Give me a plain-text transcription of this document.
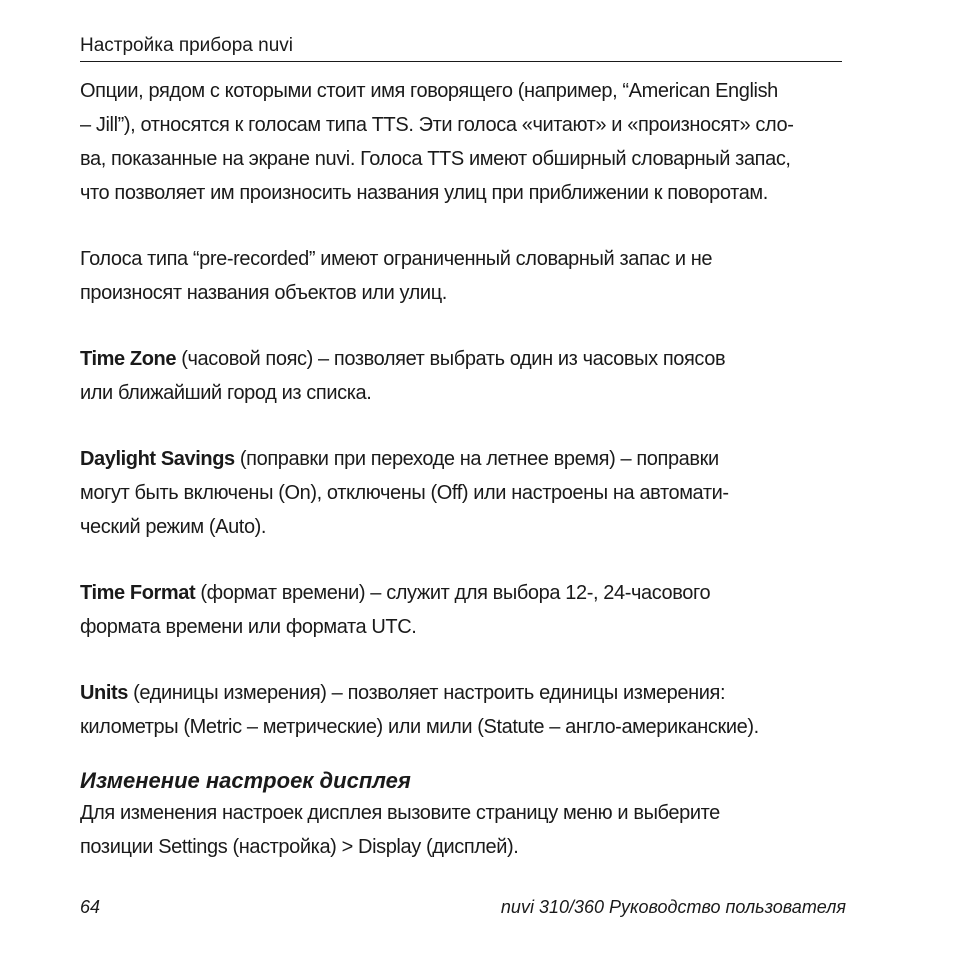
Настройка прибора nuvi
Опции, рядом с которыми стоит имя говорящего (например, “American English
– Jill”), относятся к голосам типа TTS. Эти голоса «читают» и «произносят» сло-
ва, показанные на экране nuvi. Голоса TTS имеют обширный словарный запас,
что позволяет им произносить названия улиц при приближении к поворотам.
Голоса типа “pre-recorded” имеют ограниченный словарный запас и не
произносят названия объектов или улиц.
Time Zone (часовой пояс) – позволяет выбрать один из часовых поясов
или ближайший город из списка.
Daylight Savings (поправки при переходе на летнее время) – поправки
могут быть включены (On), отключены (Off) или настроены на автомати-
ческий режим (Auto).
Time Format (формат времени) – служит для выбора 12-, 24-часового
формата времени или формата UTC.
Units (единицы измерения) – позволяет настроить единицы измерения:
километры (Metric – метрические) или мили (Statute – англо-американские).
Изменение настроек дисплея
Для изменения настроек дисплея вызовите страницу меню и выберите
позиции Settings (настройка) > Display (дисплей).
64	nuvi 310/360 Руководство пользователя
